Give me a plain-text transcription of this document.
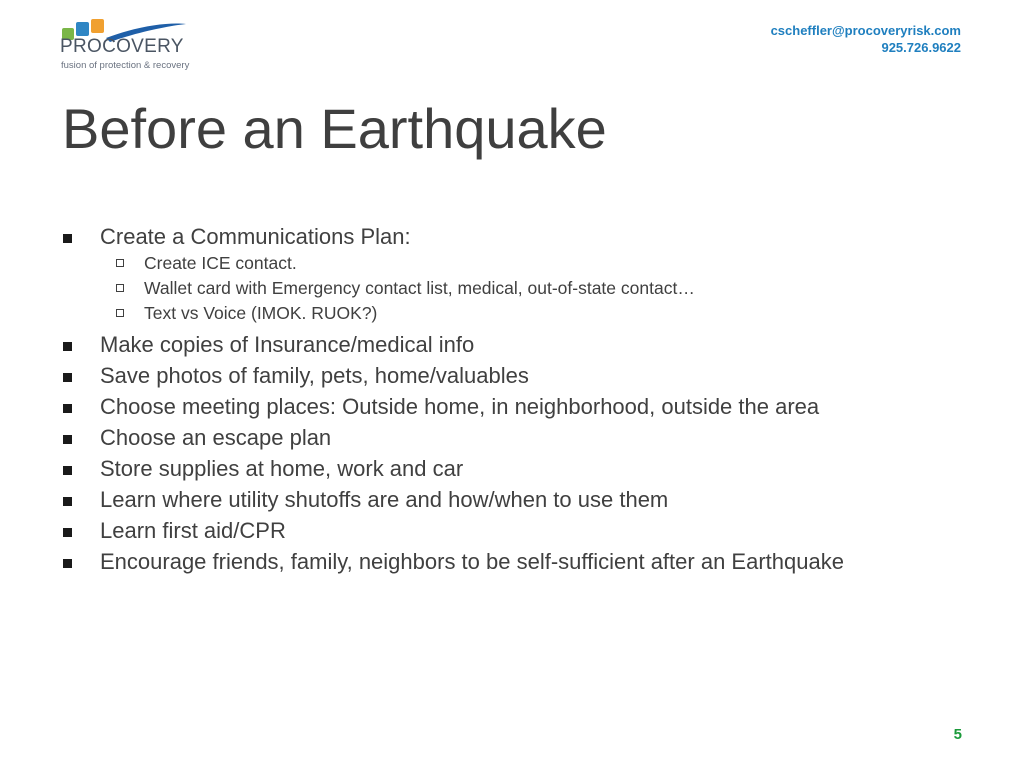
PROCOVERY
fusion of protection & recovery
cscheffler@procoveryrisk.com
925.726.9622
Before an Earthquake
Create a Communications Plan:
Create ICE contact.
Wallet card with Emergency contact list, medical, out-of-state contact…
Text vs Voice (IMOK. RUOK?)
Make copies of Insurance/medical info
Save photos of family, pets, home/valuables
Choose meeting places: Outside home, in neighborhood, outside the area
Choose an escape plan
Store supplies at home, work and car
Learn where utility shutoffs are and how/when to use them
Learn first aid/CPR
Encourage friends, family, neighbors to be self-sufficient after an Earthquake
5
